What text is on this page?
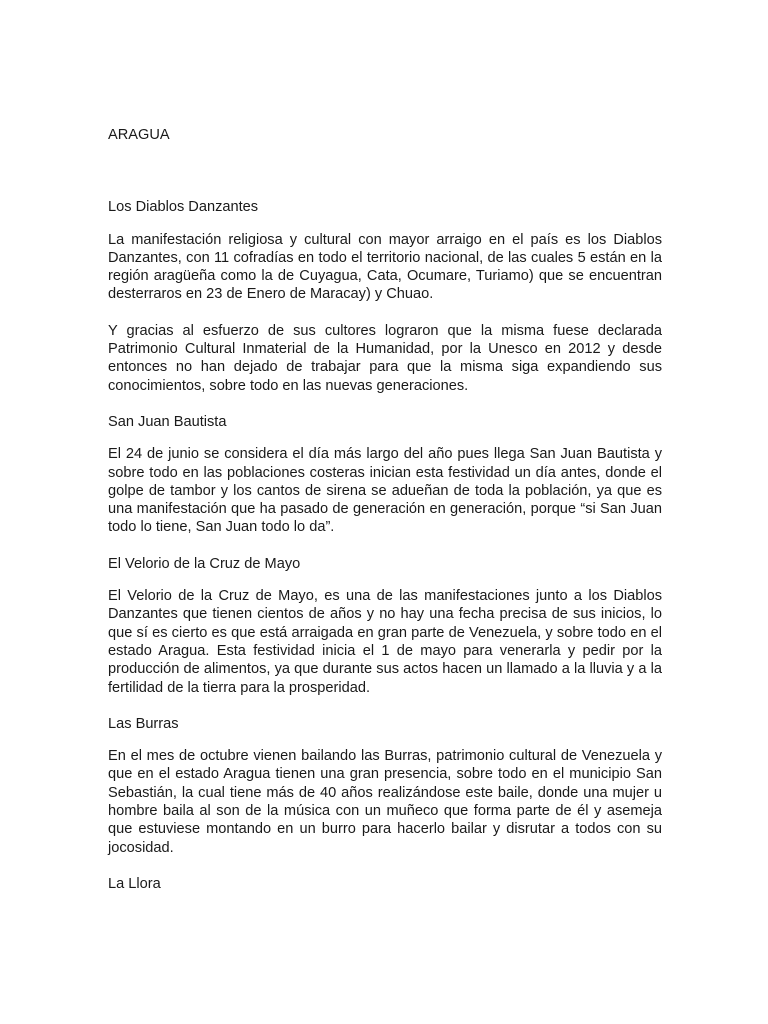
ARAGUA
Los Diablos Danzantes

La manifestación religiosa y cultural con mayor arraigo en el país es los Diablos Danzantes, con 11 cofradías en todo el territorio nacional, de las cuales 5 están en la región aragüeña como la de Cuyagua, Cata, Ocumare, Turiamo) que se encuentran desterraros en 23 de Enero de Maracay) y Chuao.

Y gracias al esfuerzo de sus cultores lograron que la misma fuese declarada Patrimonio Cultural Inmaterial de la Humanidad, por la Unesco en 2012 y desde entonces no han dejado de trabajar para que la misma siga expandiendo sus conocimientos, sobre todo en las nuevas generaciones.

San Juan Bautista

El 24 de junio se considera el día más largo del año pues llega San Juan Bautista y sobre todo en las poblaciones costeras inician esta festividad un día antes, donde el golpe de tambor y los cantos de sirena se adueñan de toda la población, ya que es una manifestación que ha pasado de generación en generación, porque “si San Juan todo lo tiene, San Juan todo lo da”.

El Velorio de la Cruz de Mayo

El Velorio de la Cruz de Mayo, es una de las manifestaciones junto a los Diablos Danzantes que tienen cientos de años y no hay una fecha precisa de sus inicios, lo que sí es cierto es que está arraigada en gran parte de Venezuela, y sobre todo en el estado Aragua. Esta festividad inicia el 1 de mayo para venerarla y pedir por la producción de alimentos, ya que durante sus actos hacen un llamado a la lluvia y a la fertilidad de la tierra para la prosperidad.

Las Burras

En el mes de octubre vienen bailando las Burras, patrimonio cultural de Venezuela y que en el estado Aragua tienen una gran presencia, sobre todo en el municipio San Sebastián, la cual tiene más de 40 años realizándose este baile, donde una mujer u hombre baila al son de la música con un muñeco que forma parte de él y asemeja que estuviese montando en un burro para hacerlo bailar y disrutar a todos con su jocosidad.

La Llora
